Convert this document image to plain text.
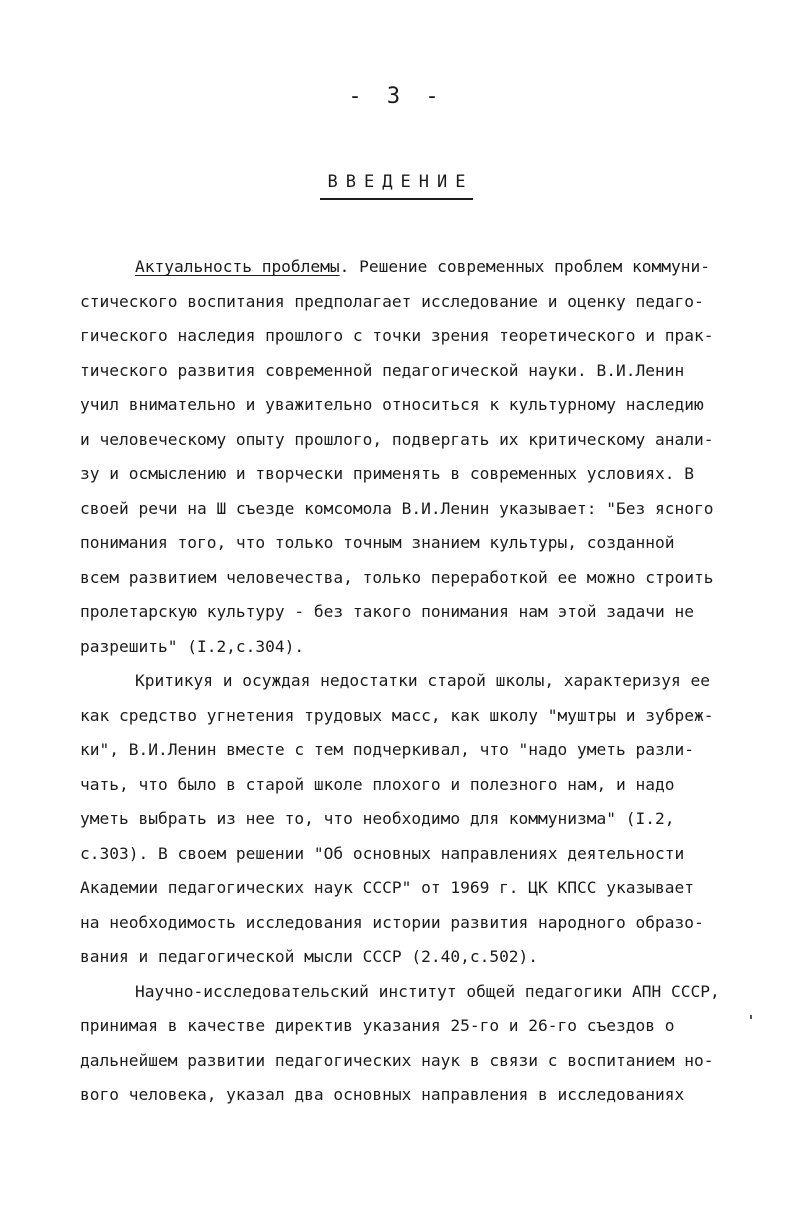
- 3 -
ВВЕДЕНИЕ
Актуальность проблемы. Решение современных проблем коммуни-
стического воспитания предполагает исследование и оценку педаго-
гического наследия прошлого с точки зрения теоретического и прак-
тического развития современной педагогической науки. В.И.Ленин
учил внимательно и уважительно относиться к культурному наследию
и человеческому опыту прошлого, подвергать их критическому анали-
зу и осмыслению и творчески применять в современных условиях. В
своей речи на Ш съезде комсомола В.И.Ленин указывает: "Без ясного
понимания того, что только точным знанием культуры, созданной
всем развитием человечества, только переработкой ее можно строить
пролетарскую культуру - без такого понимания нам этой задачи не
разрешить" (I.2,с.304).
Критикуя и осуждая недостатки старой школы, характеризуя ее
как средство угнетения трудовых масс, как школу "муштры и зубреж-
ки", В.И.Ленин вместе с тем подчеркивал, что "надо уметь разли-
чать, что было в старой школе плохого и полезного нам, и надо
уметь выбрать из нее то, что необходимо для коммунизма" (I.2,
с.303). В своем решении "Об основных направлениях деятельности
Академии педагогических наук СССР" от 1969 г. ЦК КПСС указывает
на необходимость исследования истории развития народного образо-
вания и педагогической мысли СССР (2.40,с.502).
Научно-исследовательский институт общей педагогики АПН СССР,
принимая в качестве директив указания 25-го и 26-го съездов о
дальнейшем развитии педагогических наук в связи с воспитанием но-
вого человека, указал два основных направления в исследованиях
